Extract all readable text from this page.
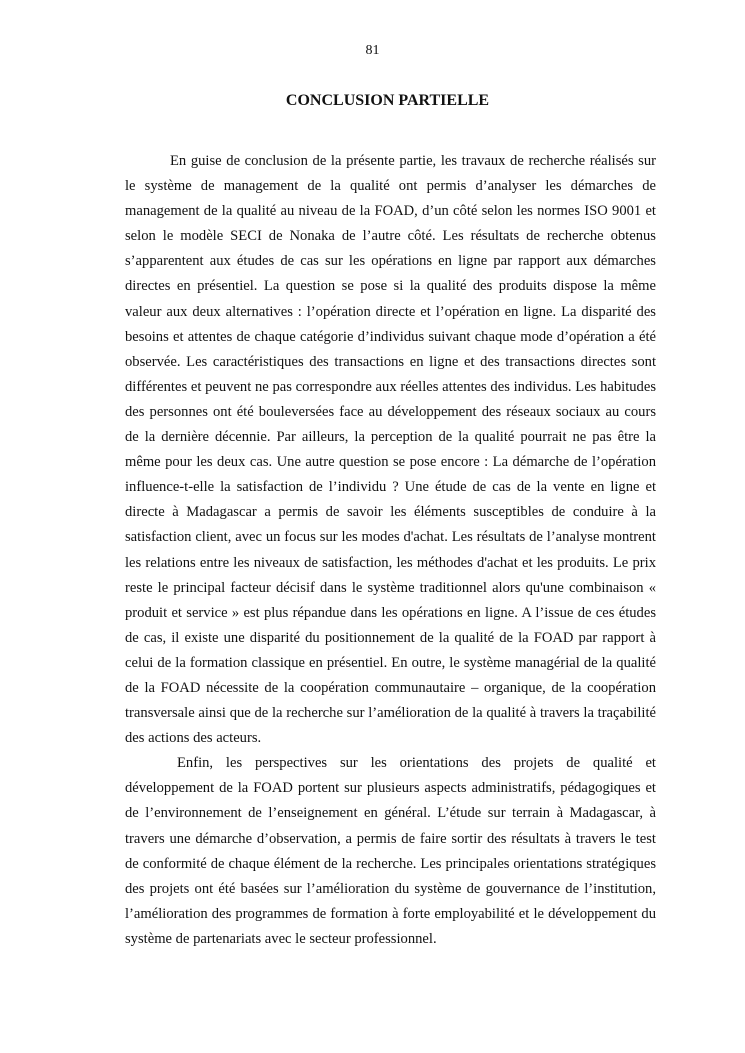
81
CONCLUSION PARTIELLE

En guise de conclusion de la présente partie, les travaux de recherche réalisés sur le système de management de la qualité ont permis d’analyser les démarches de management de la qualité au niveau de la FOAD, d’un côté selon les normes ISO 9001 et selon le modèle SECI de Nonaka de l’autre côté. Les résultats de recherche obtenus s’apparentent aux études de cas sur les opérations en ligne par rapport aux démarches directes en présentiel. La question se pose si la qualité des produits dispose la même valeur aux deux alternatives : l’opération directe et l’opération en ligne. La disparité des besoins et attentes de chaque catégorie d’individus suivant chaque mode d’opération a été observée. Les caractéristiques des transactions en ligne et des transactions directes sont différentes et peuvent ne pas correspondre aux réelles attentes des individus. Les habitudes des personnes ont été bouleversées face au développement des réseaux sociaux au cours de la dernière décennie. Par ailleurs, la perception de la qualité pourrait ne pas être la même pour les deux cas. Une autre question se pose encore : La démarche de l’opération influence-t-elle la satisfaction de l’individu ? Une étude de cas de la vente en ligne et directe à Madagascar a permis de savoir les éléments susceptibles de conduire à la satisfaction client, avec un focus sur les modes d'achat. Les résultats de l’analyse montrent les relations entre les niveaux de satisfaction, les méthodes d'achat et les produits. Le prix reste le principal facteur décisif dans le système traditionnel alors qu'une combinaison « produit et service » est plus répandue dans les opérations en ligne. A l’issue de ces études de cas, il existe une disparité du positionnement de la qualité de la FOAD par rapport à celui de la formation classique en présentiel. En outre, le système managérial de la qualité de la FOAD nécessite de la coopération communautaire – organique, de la coopération transversale ainsi que de la recherche sur l’amélioration de la qualité à travers la traçabilité des actions des acteurs.

Enfin, les perspectives sur les orientations des projets de qualité et développement de la FOAD portent sur plusieurs aspects administratifs, pédagogiques et de l’environnement de l’enseignement en général. L’étude sur terrain à Madagascar, à travers une démarche d’observation, a permis de faire sortir des résultats à travers le test de conformité de chaque élément de la recherche. Les principales orientations stratégiques des projets ont été basées sur l’amélioration du système de gouvernance de l’institution, l’amélioration des programmes de formation à forte employabilité et le développement du système de partenariats avec le secteur professionnel.
